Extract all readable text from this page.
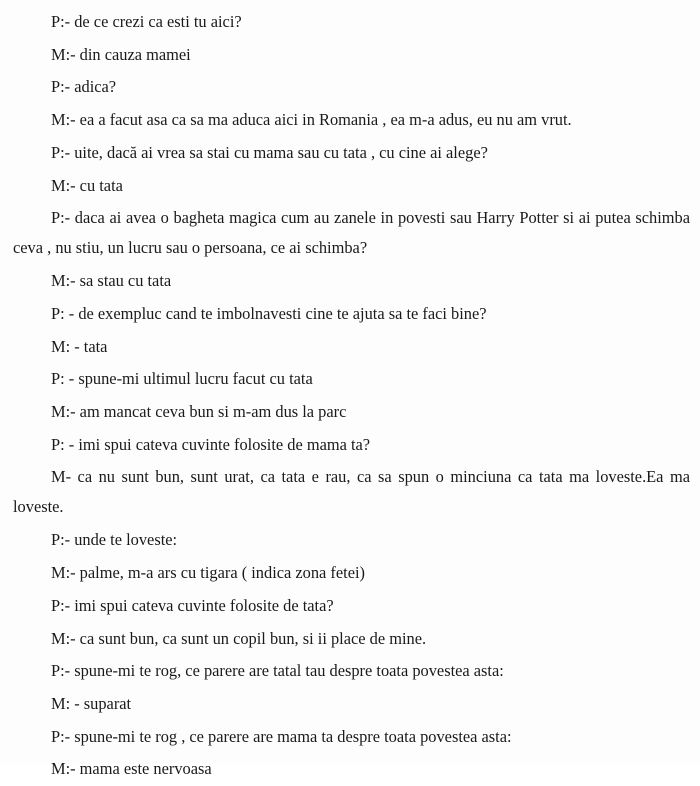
P:- de ce crezi ca esti tu aici?
M:- din cauza mamei
P:- adica?
M:- ea a facut asa ca sa ma aduca aici in Romania , ea m-a adus, eu nu am vrut.
P:- uite, dacă ai vrea sa stai cu mama sau cu tata , cu cine ai alege?
M:- cu tata
P:- daca ai avea o bagheta magica cum au zanele in povesti sau Harry Potter si ai putea schimba ceva , nu stiu, un lucru sau o persoana, ce ai schimba?
M:- sa stau cu tata
P: - de exempluc cand te imbolnavesti cine te ajuta sa te faci bine?
M: - tata
P: - spune-mi ultimul lucru facut cu tata
M:- am mancat ceva bun si m-am dus la parc
P: - imi spui cateva cuvinte folosite de mama ta?
M- ca nu sunt bun, sunt urat, ca tata e rau, ca sa spun o minciuna ca tata ma loveste.Ea ma loveste.
P:- unde te loveste:
M:- palme, m-a ars cu tigara ( indica zona fetei)
P:- imi spui cateva cuvinte folosite de tata?
M:- ca sunt bun, ca sunt un copil bun, si ii place de mine.
P:- spune-mi te rog, ce parere are tatal tau despre toata povestea asta:
M: - suparat
P:- spune-mi te rog , ce parere are mama ta despre toata povestea asta:
M:- mama este nervoasa
